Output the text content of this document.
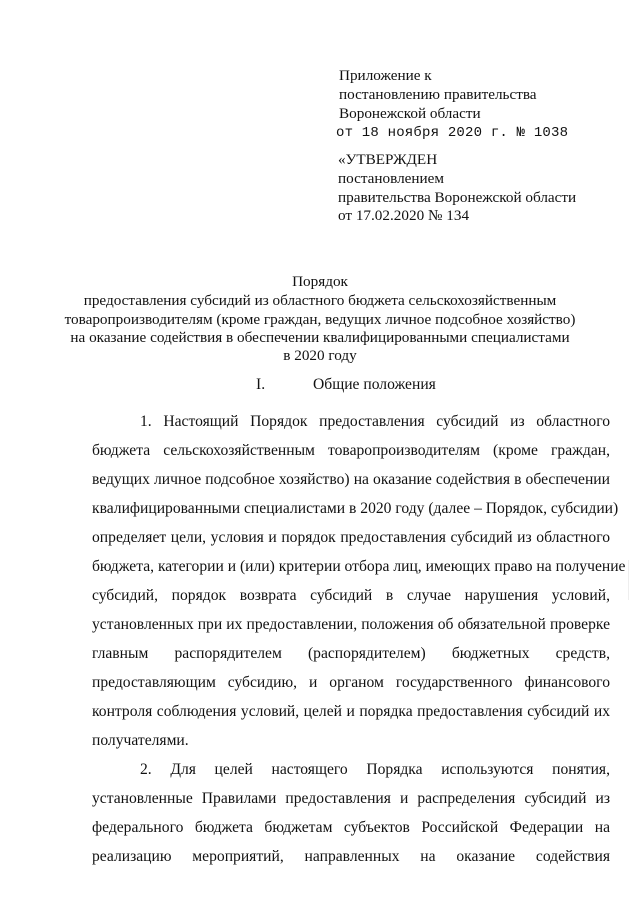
Приложение к
постановлению правительства
Воронежской области
от 18 ноября 2020 г. № 1038
«УТВЕРЖДЕН
постановлением
правительства Воронежской области
от 17.02.2020 № 134
Порядок
предоставления субсидий из областного бюджета сельскохозяйственным
товаропроизводителям (кроме граждан, ведущих личное подсобное хозяйство)
на оказание содействия в обеспечении квалифицированными специалистами
в 2020 году
I.	Общие положения
1. Настоящий Порядок предоставления субсидий из областного
бюджета сельскохозяйственным товаропроизводителям (кроме граждан,
ведущих личное подсобное хозяйство) на оказание содействия в обеспечении
квалифицированными специалистами в 2020 году (далее – Порядок, субсидии)
определяет цели, условия и порядок предоставления субсидий из областного
бюджета, категории и (или) критерии отбора лиц, имеющих право на получение
субсидий, порядок возврата субсидий в случае нарушения условий,
установленных при их предоставлении, положения об обязательной проверке
главным распорядителем (распорядителем) бюджетных средств,
предоставляющим субсидию, и органом государственного финансового
контроля соблюдения условий, целей и порядка предоставления субсидий их
получателями.
2. Для целей настоящего Порядка используются понятия,
установленные Правилами предоставления и распределения субсидий из
федерального бюджета бюджетам субъектов Российской Федерации на
реализацию мероприятий, направленных на оказание содействия
